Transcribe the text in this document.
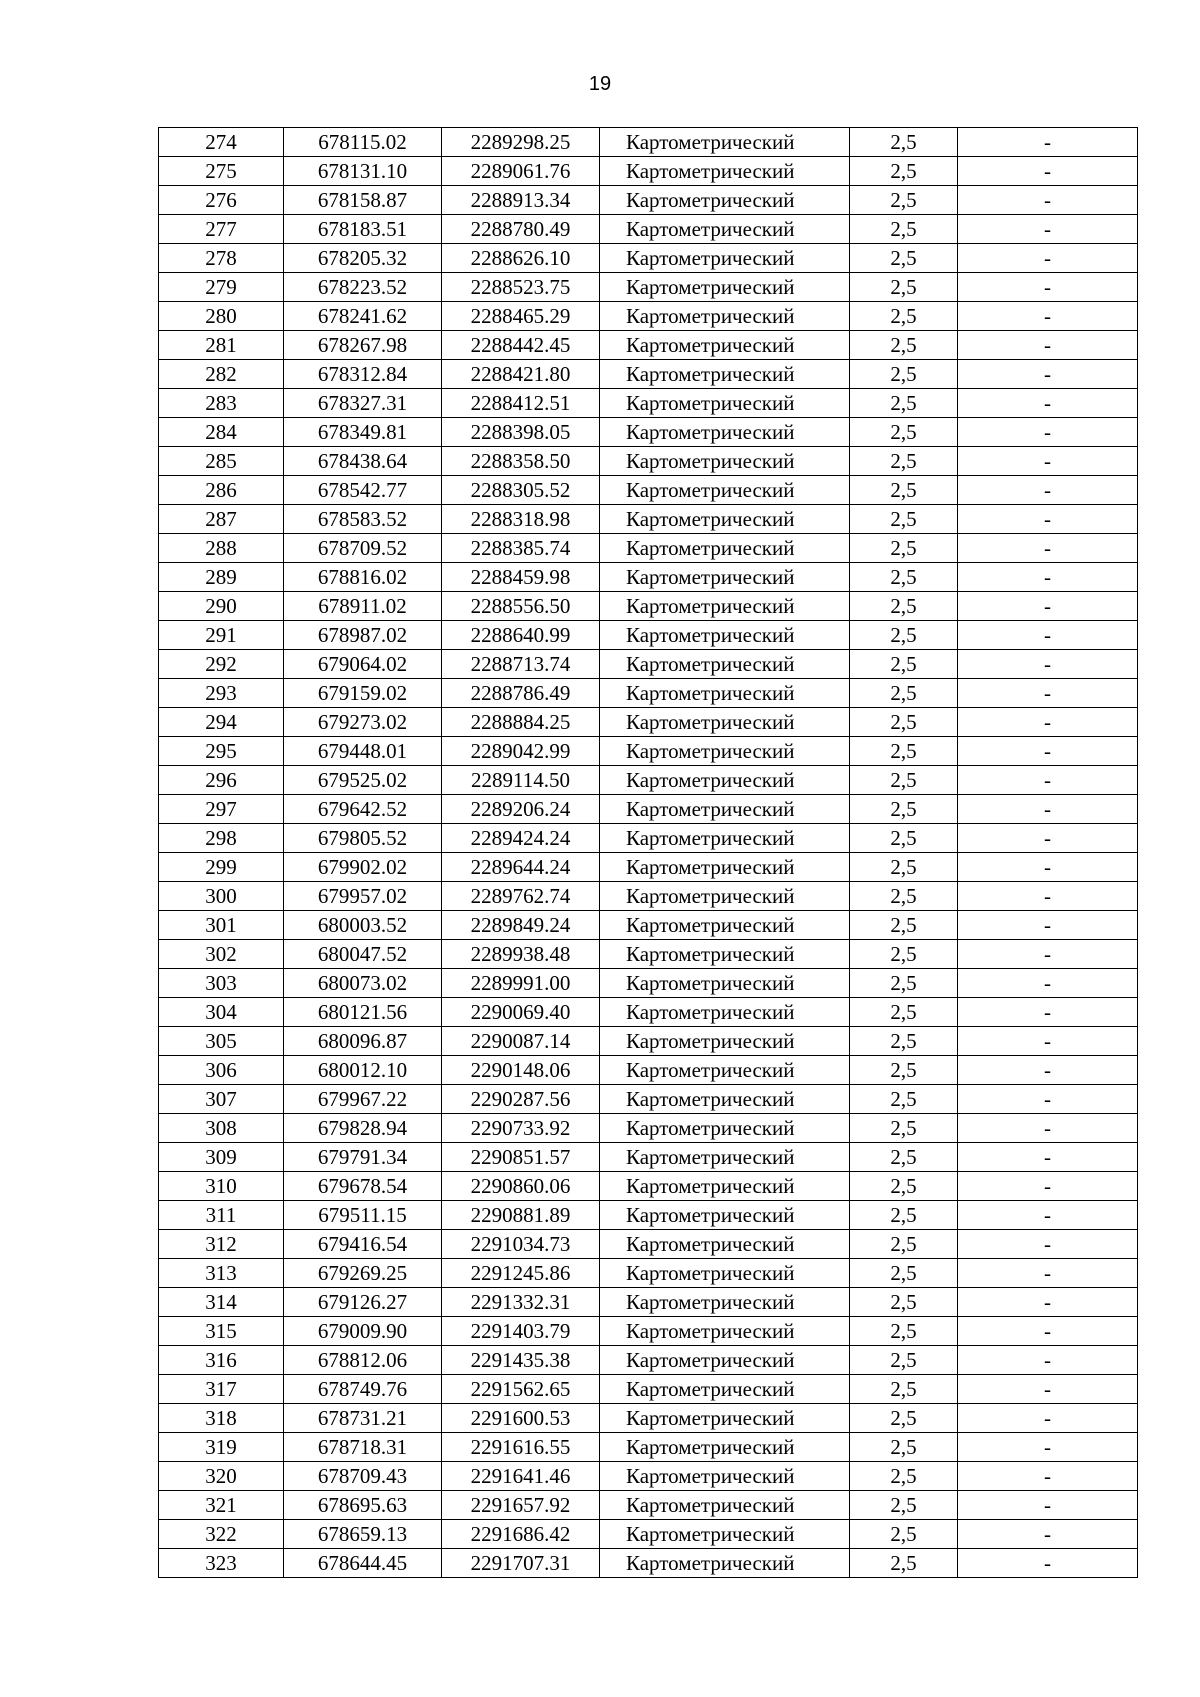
19
274	678115.02	2289298.25	Картометрический	2,5	-
275	678131.10	2289061.76	Картометрический	2,5	-
276	678158.87	2288913.34	Картометрический	2,5	-
277	678183.51	2288780.49	Картометрический	2,5	-
278	678205.32	2288626.10	Картометрический	2,5	-
279	678223.52	2288523.75	Картометрический	2,5	-
280	678241.62	2288465.29	Картометрический	2,5	-
281	678267.98	2288442.45	Картометрический	2,5	-
282	678312.84	2288421.80	Картометрический	2,5	-
283	678327.31	2288412.51	Картометрический	2,5	-
284	678349.81	2288398.05	Картометрический	2,5	-
285	678438.64	2288358.50	Картометрический	2,5	-
286	678542.77	2288305.52	Картометрический	2,5	-
287	678583.52	2288318.98	Картометрический	2,5	-
288	678709.52	2288385.74	Картометрический	2,5	-
289	678816.02	2288459.98	Картометрический	2,5	-
290	678911.02	2288556.50	Картометрический	2,5	-
291	678987.02	2288640.99	Картометрический	2,5	-
292	679064.02	2288713.74	Картометрический	2,5	-
293	679159.02	2288786.49	Картометрический	2,5	-
294	679273.02	2288884.25	Картометрический	2,5	-
295	679448.01	2289042.99	Картометрический	2,5	-
296	679525.02	2289114.50	Картометрический	2,5	-
297	679642.52	2289206.24	Картометрический	2,5	-
298	679805.52	2289424.24	Картометрический	2,5	-
299	679902.02	2289644.24	Картометрический	2,5	-
300	679957.02	2289762.74	Картометрический	2,5	-
301	680003.52	2289849.24	Картометрический	2,5	-
302	680047.52	2289938.48	Картометрический	2,5	-
303	680073.02	2289991.00	Картометрический	2,5	-
304	680121.56	2290069.40	Картометрический	2,5	-
305	680096.87	2290087.14	Картометрический	2,5	-
306	680012.10	2290148.06	Картометрический	2,5	-
307	679967.22	2290287.56	Картометрический	2,5	-
308	679828.94	2290733.92	Картометрический	2,5	-
309	679791.34	2290851.57	Картометрический	2,5	-
310	679678.54	2290860.06	Картометрический	2,5	-
311	679511.15	2290881.89	Картометрический	2,5	-
312	679416.54	2291034.73	Картометрический	2,5	-
313	679269.25	2291245.86	Картометрический	2,5	-
314	679126.27	2291332.31	Картометрический	2,5	-
315	679009.90	2291403.79	Картометрический	2,5	-
316	678812.06	2291435.38	Картометрический	2,5	-
317	678749.76	2291562.65	Картометрический	2,5	-
318	678731.21	2291600.53	Картометрический	2,5	-
319	678718.31	2291616.55	Картометрический	2,5	-
320	678709.43	2291641.46	Картометрический	2,5	-
321	678695.63	2291657.92	Картометрический	2,5	-
322	678659.13	2291686.42	Картометрический	2,5	-
323	678644.45	2291707.31	Картометрический	2,5	-
